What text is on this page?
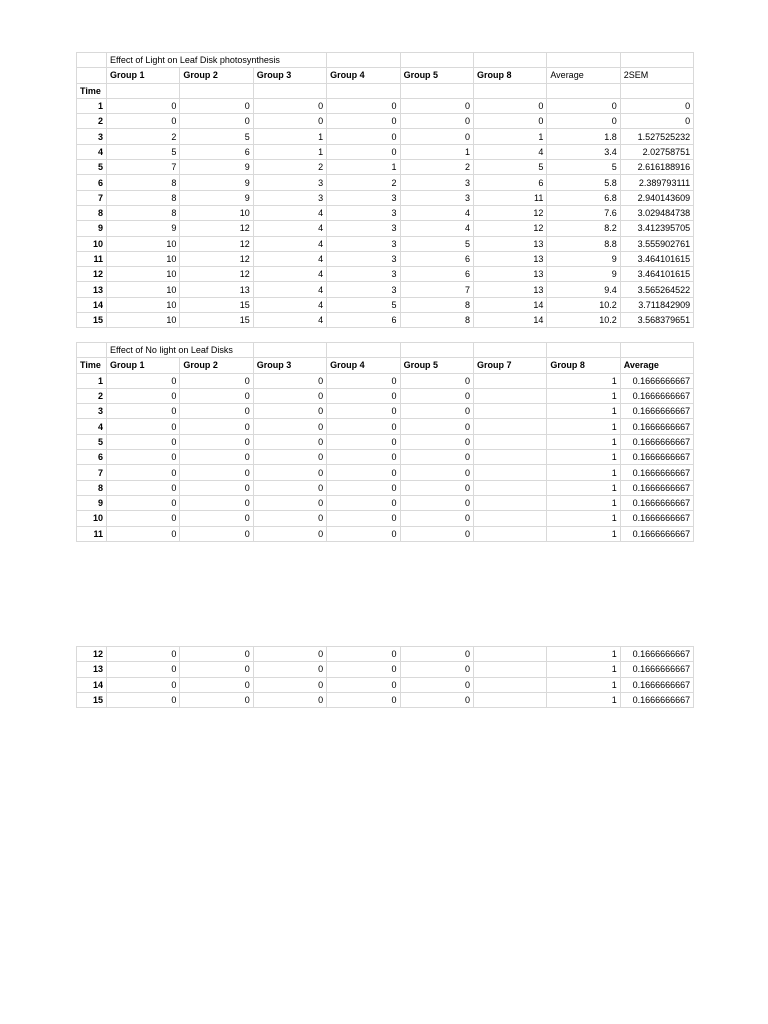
	Effect of Light on Leaf Disk photosynthesis							
	Group 1	Group 2	Group 3	Group 4	Group 5	Group 8	Average	2SEM
Time								
1	0	0	0	0	0	0	0	0
2	0	0	0	0	0	0	0	0
3	2	5	1	0	0	1	1.8	1.527525232
4	5	6	1	0	1	4	3.4	2.02758751
5	7	9	2	1	2	5	5	2.616188916
6	8	9	3	2	3	6	5.8	2.389793111
7	8	9	3	3	3	11	6.8	2.940143609
8	8	10	4	3	4	12	7.6	3.029484738
9	9	12	4	3	4	12	8.2	3.412395705
10	10	12	4	3	5	13	8.8	3.555902761
11	10	12	4	3	6	13	9	3.464101615
12	10	12	4	3	6	13	9	3.464101615
13	10	13	4	3	7	13	9.4	3.565264522
14	10	15	4	5	8	14	10.2	3.711842909
15	10	15	4	6	8	14	10.2	3.568379651
	Effect of No light on Leaf Disks							
Time	Group 1	Group 2	Group 3	Group 4	Group 5	Group 7	Group 8	Average
1	0	0	0	0	0		1	0.1666666667
2	0	0	0	0	0		1	0.1666666667
3	0	0	0	0	0		1	0.1666666667
4	0	0	0	0	0		1	0.1666666667
5	0	0	0	0	0		1	0.1666666667
6	0	0	0	0	0		1	0.1666666667
7	0	0	0	0	0		1	0.1666666667
8	0	0	0	0	0		1	0.1666666667
9	0	0	0	0	0		1	0.1666666667
10	0	0	0	0	0		1	0.1666666667
11	0	0	0	0	0		1	0.1666666667
12	0	0	0	0	0		1	0.1666666667
13	0	0	0	0	0		1	0.1666666667
14	0	0	0	0	0		1	0.1666666667
15	0	0	0	0	0		1	0.1666666667
